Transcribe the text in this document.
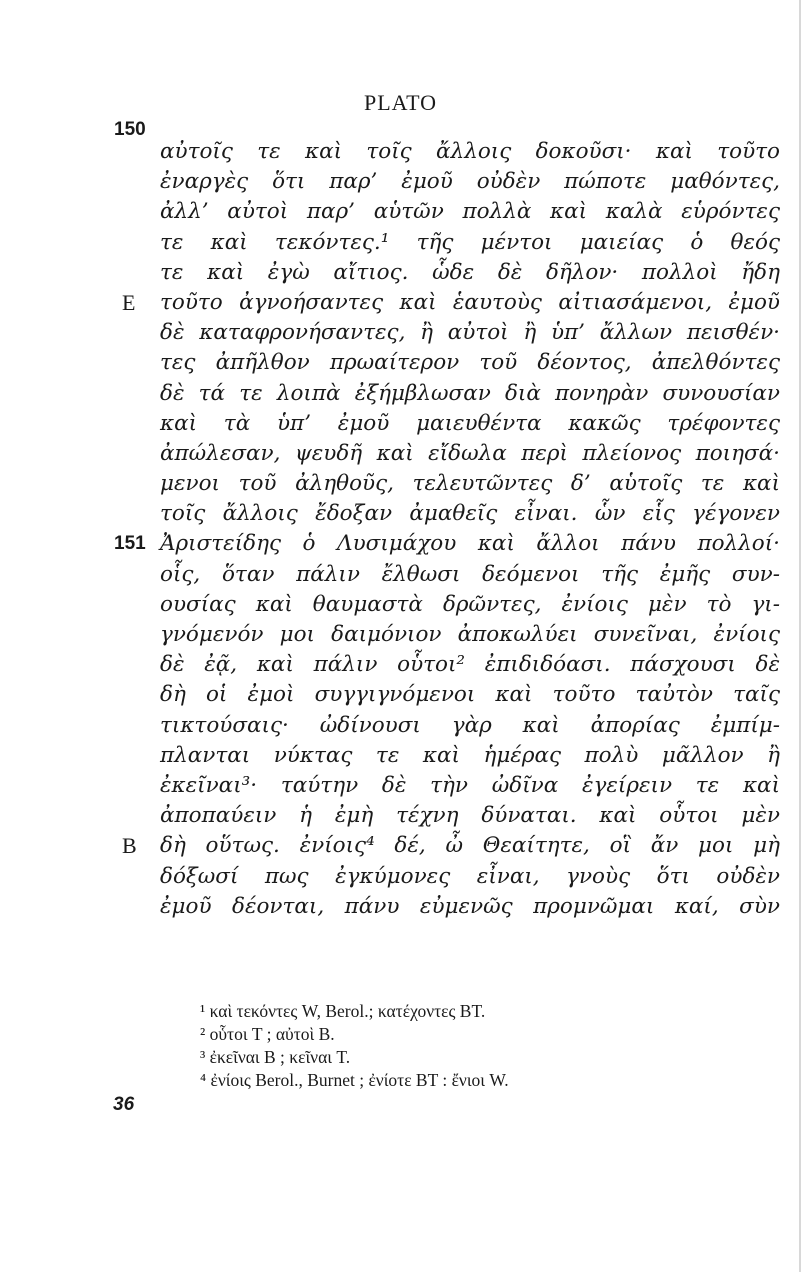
PLATO
150
αὐτοῖς τε καὶ τοῖς ἄλλοις δοκοῦσι· καὶ τοῦτο
ἐναργὲς ὅτι παρ’ ἐμοῦ οὐδὲν πώποτε μαθόντες,
ἀλλ’ αὐτοὶ παρ’ αὑτῶν πολλὰ καὶ καλὰ εὑρόντες
τε καὶ τεκόντες.¹ τῆς μέντοι μαιείας ὁ θεός
τε καὶ ἐγὼ αἴτιος. ὧδε δὲ δῆλον· πολλοὶ ἤδη
τοῦτο ἀγνοήσαντες καὶ ἑαυτοὺς αἰτιασάμενοι, ἐμοῦ
E
δὲ καταφρονήσαντες, ἢ αὐτοὶ ἢ ὑπ’ ἄλλων πεισθέν·
τες ἀπῆλθον πρωαίτερον τοῦ δέοντος, ἀπελθόντες
δὲ τά τε λοιπὰ ἐξήμβλωσαν διὰ πονηρὰν συνουσίαν
καὶ τὰ ὑπ’ ἐμοῦ μαιευθέντα κακῶς τρέφοντες
ἀπώλεσαν, ψευδῆ καὶ εἴδωλα περὶ πλείονος ποιησά·
μενοι τοῦ ἀληθοῦς, τελευτῶντες δ’ αὑτοῖς τε καὶ
τοῖς ἄλλοις ἔδοξαν ἀμαθεῖς εἶναι. ὧν εἷς γέγονεν
Ἀριστείδης ὁ Λυσιμάχου καὶ ἄλλοι πάνυ πολλοί·
151
οἷς, ὅταν πάλιν ἔλθωσι δεόμενοι τῆς ἐμῆς συν-
ουσίας καὶ θαυμαστὰ δρῶντες, ἐνίοις μὲν τὸ γι-
γνόμενόν μοι δαιμόνιον ἀποκωλύει συνεῖναι, ἐνίοις
δὲ ἐᾷ, καὶ πάλιν οὗτοι² ἐπιδιδόασι. πάσχουσι δὲ
δὴ οἱ ἐμοὶ συγγιγνόμενοι καὶ τοῦτο ταὐτὸν ταῖς
τικτούσαις· ὠδίνουσι γὰρ καὶ ἀπορίας ἐμπίμ-
πλανται νύκτας τε καὶ ἡμέρας πολὺ μᾶλλον ἢ
ἐκεῖναι³· ταύτην δὲ τὴν ὠδῖνα ἐγείρειν τε καὶ
ἀποπαύειν ἡ ἐμὴ τέχνη δύναται. καὶ οὗτοι μὲν
δὴ οὕτως. ἐνίοις⁴ δέ, ὦ Θεαίτητε, οἳ ἄν μοι μὴ
B
δόξωσί πως ἐγκύμονες εἶναι, γνοὺς ὅτι οὐδὲν
ἐμοῦ δέονται, πάνυ εὐμενῶς προμνῶμαι καί, σὺν
¹ καὶ τεκόντες W, Berol.; κατέχοντες BT.
² οὗτοι T ; αὐτοὶ B.
³ ἐκεῖναι B ; κεῖναι T.
⁴ ἐνίοις Berol., Burnet ; ἐνίοτε BT : ἔνιοι W.
36
